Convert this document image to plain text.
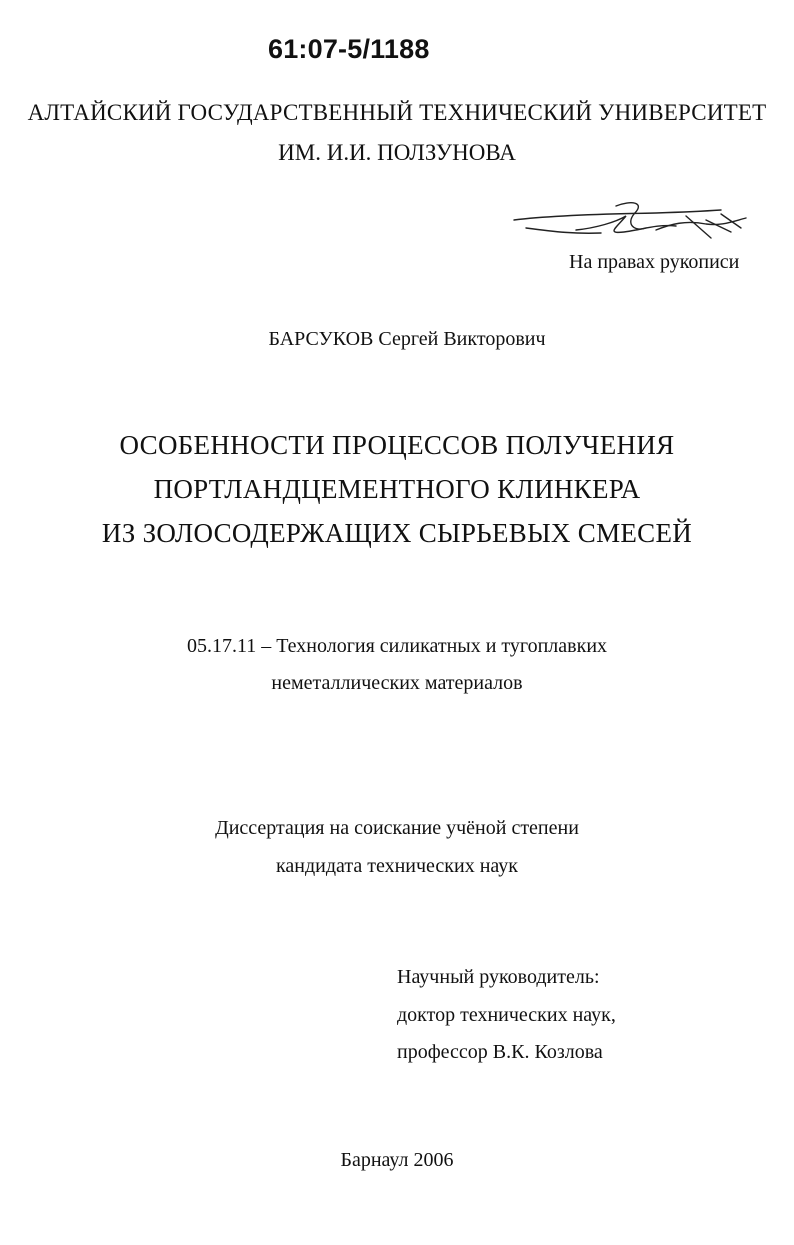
61:07-5/1188
АЛТАЙСКИЙ ГОСУДАРСТВЕННЫЙ ТЕХНИЧЕСКИЙ УНИВЕРСИТЕТ
ИМ. И.И. ПОЛЗУНОВА
На правах рукописи
БАРСУКОВ Сергей Викторович
ОСОБЕННОСТИ ПРОЦЕССОВ ПОЛУЧЕНИЯ
ПОРТЛАНДЦЕМЕНТНОГО КЛИНКЕРА
ИЗ ЗОЛОСОДЕРЖАЩИХ СЫРЬЕВЫХ СМЕСЕЙ
05.17.11 – Технология силикатных и тугоплавких
неметаллических материалов
Диссертация на соискание учёной степени
кандидата технических наук
Научный руководитель:
доктор технических наук,
профессор В.К. Козлова
Барнаул 2006
